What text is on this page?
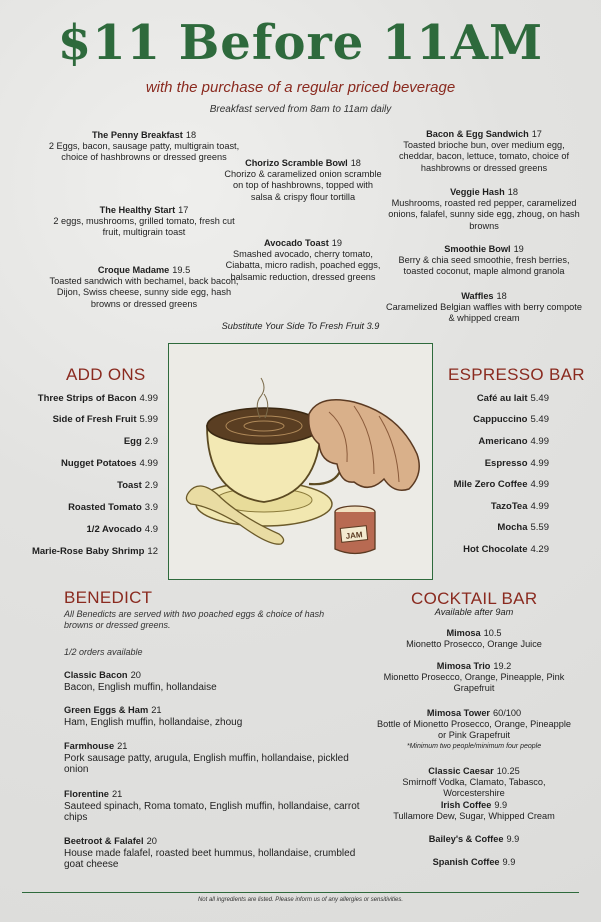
$11 Before 11AM
with the purchase of a regular priced beverage
Breakfast served from 8am to 11am daily
The Penny Breakfast 18
2 Eggs, bacon, sausage patty, multigrain toast, choice of hashbrowns or dressed greens
The Healthy Start 17
2 eggs, mushrooms, grilled tomato, fresh cut fruit, multigrain toast
Croque Madame 19.5
Toasted sandwich with bechamel, back bacon, Dijon, Swiss cheese, sunny side egg, hash browns or dressed greens
Chorizo Scramble Bowl 18
Chorizo & caramelized onion scramble on top of hashbrowns, topped with salsa & crispy flour tortilla
Avocado Toast 19
Smashed avocado, cherry tomato, Ciabatta, micro radish, poached eggs, balsamic reduction, dressed greens
Bacon & Egg Sandwich 17
Toasted brioche bun, over medium egg, cheddar, bacon, lettuce, tomato, choice of hashbrowns or dressed greens
Veggie Hash 18
Mushrooms, roasted red pepper, caramelized onions, falafel, sunny side egg, zhoug, on hash browns
Smoothie Bowl 19
Berry & chia seed smoothie, fresh berries, toasted coconut, maple almond granola
Waffles 18
Caramelized Belgian waffles with berry compote & whipped cream
Substitute Your Side To Fresh Fruit 3.9
ADD ONS
Three Strips of Bacon 4.99
Side of Fresh Fruit 5.99
Egg 2.9
Nugget Potatoes 4.99
Toast 2.9
Roasted Tomato 3.9
1/2 Avocado 4.9
Marie-Rose Baby Shrimp 12
ESPRESSO BAR
Café au lait 5.49
Cappuccino 5.49
Americano 4.99
Espresso 4.99
Mile Zero Coffee 4.99
TazoTea 4.99
Mocha 5.59
Hot Chocolate 4.29
JAM
BENEDICT
All Benedicts are served with two poached eggs & choice of hash browns or dressed greens.
1/2 orders available
Classic Bacon 20
Bacon, English muffin, hollandaise
Green Eggs & Ham 21
Ham, English muffin, hollandaise, zhoug
Farmhouse 21
Pork sausage patty, arugula, English muffin, hollandaise, pickled onion
Florentine 21
Sauteed spinach, Roma tomato, English muffin, hollandaise, carrot chips
Beetroot & Falafel 20
House made falafel, roasted beet hummus, hollandaise, crumbled goat cheese
COCKTAIL BAR
Available after 9am
Mimosa 10.5
Mionetto Prosecco, Orange Juice
Mimosa Trio 19.2
Mionetto Prosecco, Orange, Pineapple, Pink Grapefruit
Mimosa Tower 60/100
Bottle of Mionetto Prosecco, Orange, Pineapple or Pink Grapefruit
*Minimum two people/minimum four people
Classic Caesar 10.25
Smirnoff Vodka, Clamato, Tabasco, Worcestershire
Irish Coffee 9.9
Tullamore Dew, Sugar, Whipped Cream
Bailey's & Coffee 9.9
Spanish Coffee 9.9
Not all ingredients are listed. Please inform us of any allergies or sensitivities.
